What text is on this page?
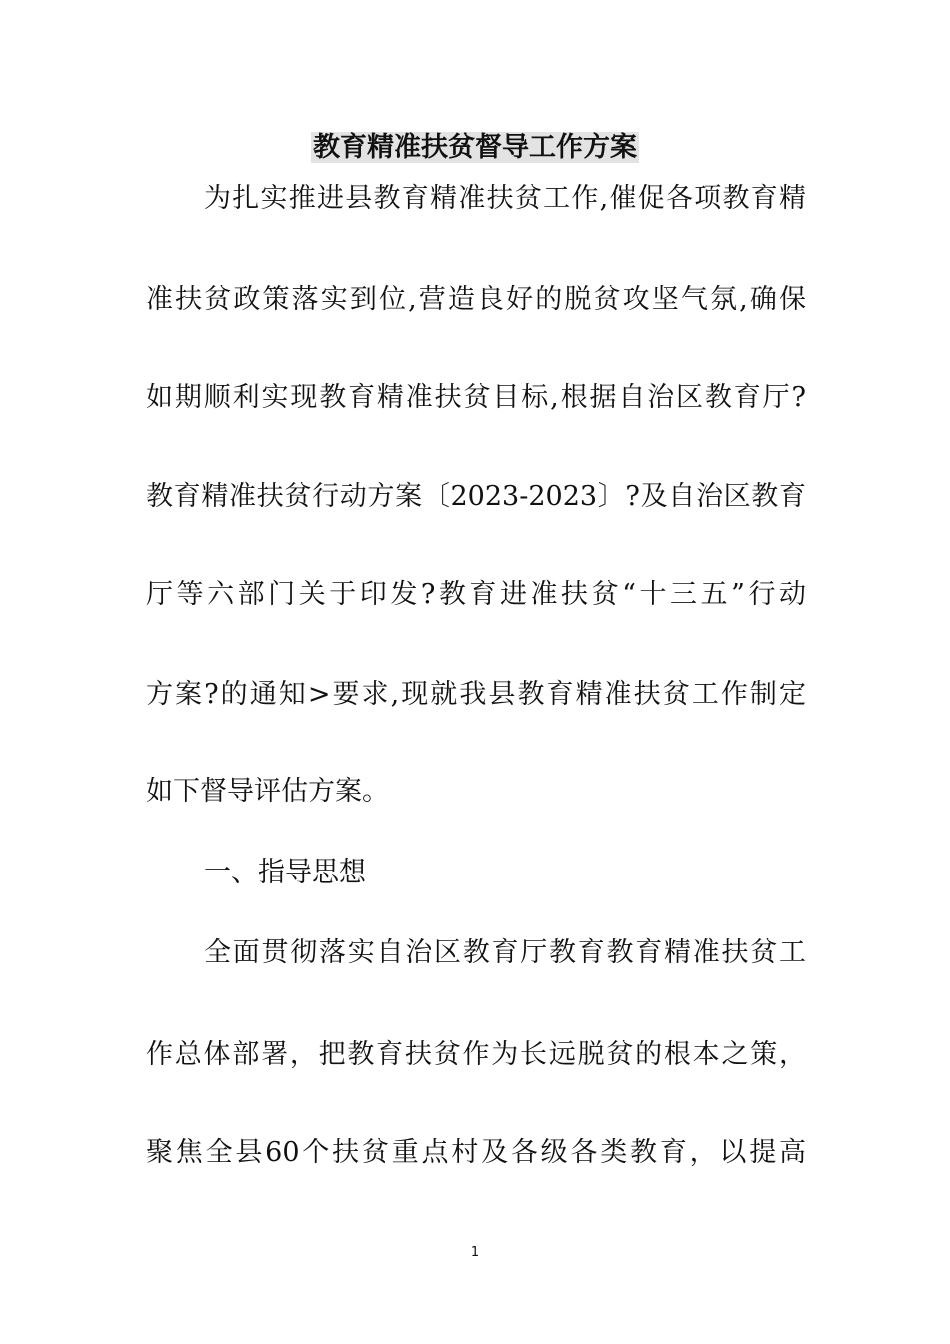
教育精准扶贫督导工作方案
为扎实推进县教育精准扶贫工作,催促各项教育精
准扶贫政策落实到位,营造良好的脱贫攻坚气氛,确保
如期顺利实现教育精准扶贫目标,根据自治区教育厅?
教育精准扶贫行动方案〔2023-2023〕?及自治区教育
厅等六部门关于印发?教育进准扶贫“十三五”行动
方案?的通知>要求,现就我县教育精准扶贫工作制定
如下督导评估方案。
一、指导思想
全面贯彻落实自治区教育厅教育教育精准扶贫工
作总体部署，把教育扶贫作为长远脱贫的根本之策，
聚焦全县60个扶贫重点村及各级各类教育，以提高
1
